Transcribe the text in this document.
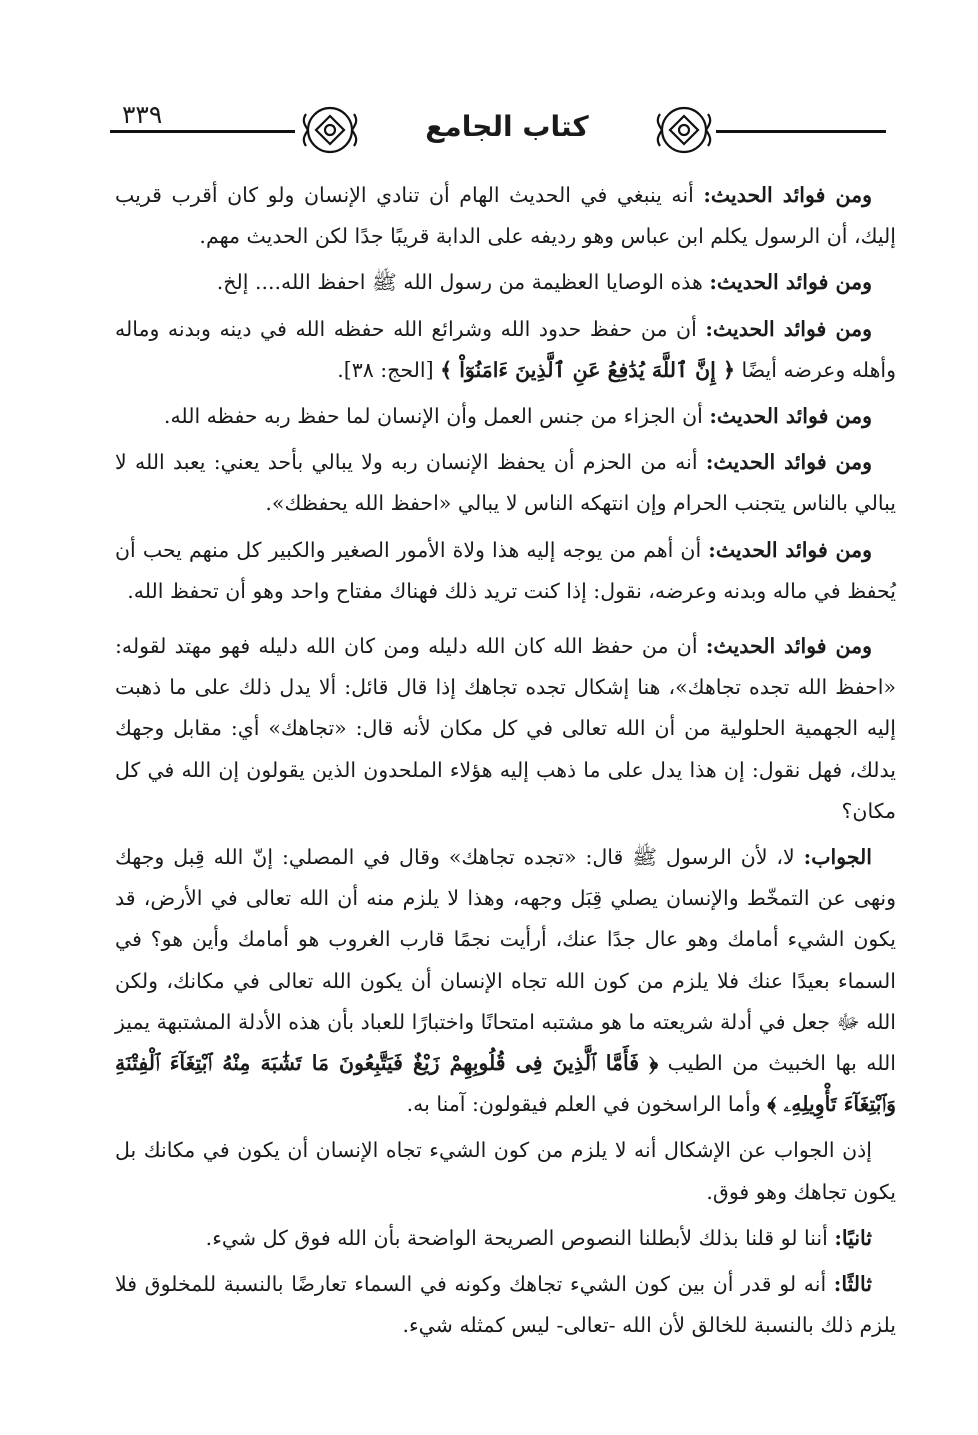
٣٣٩	كتاب الجامع

ومن فوائد الحديث: أنه ينبغي في الحديث الهام أن تنادي الإنسان ولو كان أقرب قريب إليك، أن الرسول يكلم ابن عباس وهو رديفه على الدابة قريبًا جدًا لكن الحديث مهم.

ومن فوائد الحديث: هذه الوصايا العظيمة من رسول الله ﷺ احفظ الله.... إلخ.

ومن فوائد الحديث: أن من حفظ حدود الله وشرائع الله حفظه الله في دينه وبدنه وماله وأهله وعرضه أيضًا ﴿ إِنَّ ٱللَّهَ يُدَٰفِعُ عَنِ ٱلَّذِينَ ءَامَنُوٓاْ ﴾ [الحج: ٣٨].

ومن فوائد الحديث: أن الجزاء من جنس العمل وأن الإنسان لما حفظ ربه حفظه الله.

ومن فوائد الحديث: أنه من الحزم أن يحفظ الإنسان ربه ولا يبالي بأحد يعني: يعبد الله لا يبالي بالناس يتجنب الحرام وإن انتهكه الناس لا يبالي «احفظ الله يحفظك».

ومن فوائد الحديث: أن أهم من يوجه إليه هذا ولاة الأمور الصغير والكبير كل منهم يحب أن يُحفظ في ماله وبدنه وعرضه، نقول: إذا كنت تريد ذلك فهناك مفتاح واحد وهو أن تحفظ الله.

ومن فوائد الحديث: أن من حفظ الله كان الله دليله ومن كان الله دليله فهو مهتد لقوله: «احفظ الله تجده تجاهك»، هنا إشكال تجده تجاهك إذا قال قائل: ألا يدل ذلك على ما ذهبت إليه الجهمية الحلولية من أن الله تعالى في كل مكان لأنه قال: «تجاهك» أي: مقابل وجهك يدلك، فهل نقول: إن هذا يدل على ما ذهب إليه هؤلاء الملحدون الذين يقولون إن الله في كل مكان؟

الجواب: لا، لأن الرسول ﷺ قال: «تجده تجاهك» وقال في المصلي: إنّ الله قِبل وجهك ونهى عن التمخّط والإنسان يصلي قِبَل وجهه، وهذا لا يلزم منه أن الله تعالى في الأرض، قد يكون الشيء أمامك وهو عال جدًا عنك، أرأيت نجمًا قارب الغروب هو أمامك وأين هو؟ في السماء بعيدًا عنك فلا يلزم من كون الله تجاه الإنسان أن يكون الله تعالى في مكانك، ولكن الله ﷻ جعل في أدلة شريعته ما هو مشتبه امتحانًا واختبارًا للعباد بأن هذه الأدلة المشتبهة يميز الله بها الخبيث من الطيب ﴿ فَأَمَّا ٱلَّذِينَ فِى قُلُوبِهِمْ زَيْغٌ فَيَتَّبِعُونَ مَا تَشَٰبَهَ مِنْهُ ٱبْتِغَآءَ ٱلْفِتْنَةِ وَٱبْتِغَآءَ تَأْوِيلِهِۦ ﴾ وأما الراسخون في العلم فيقولون: آمنا به.

إذن الجواب عن الإشكال أنه لا يلزم من كون الشيء تجاه الإنسان أن يكون في مكانك بل يكون تجاهك وهو فوق.

ثانيًا: أننا لو قلنا بذلك لأبطلنا النصوص الصريحة الواضحة بأن الله فوق كل شيء.

ثالثًا: أنه لو قدر أن بين كون الشيء تجاهك وكونه في السماء تعارضًا بالنسبة للمخلوق فلا يلزم ذلك بالنسبة للخالق لأن الله -تعالى- ليس كمثله شيء.
